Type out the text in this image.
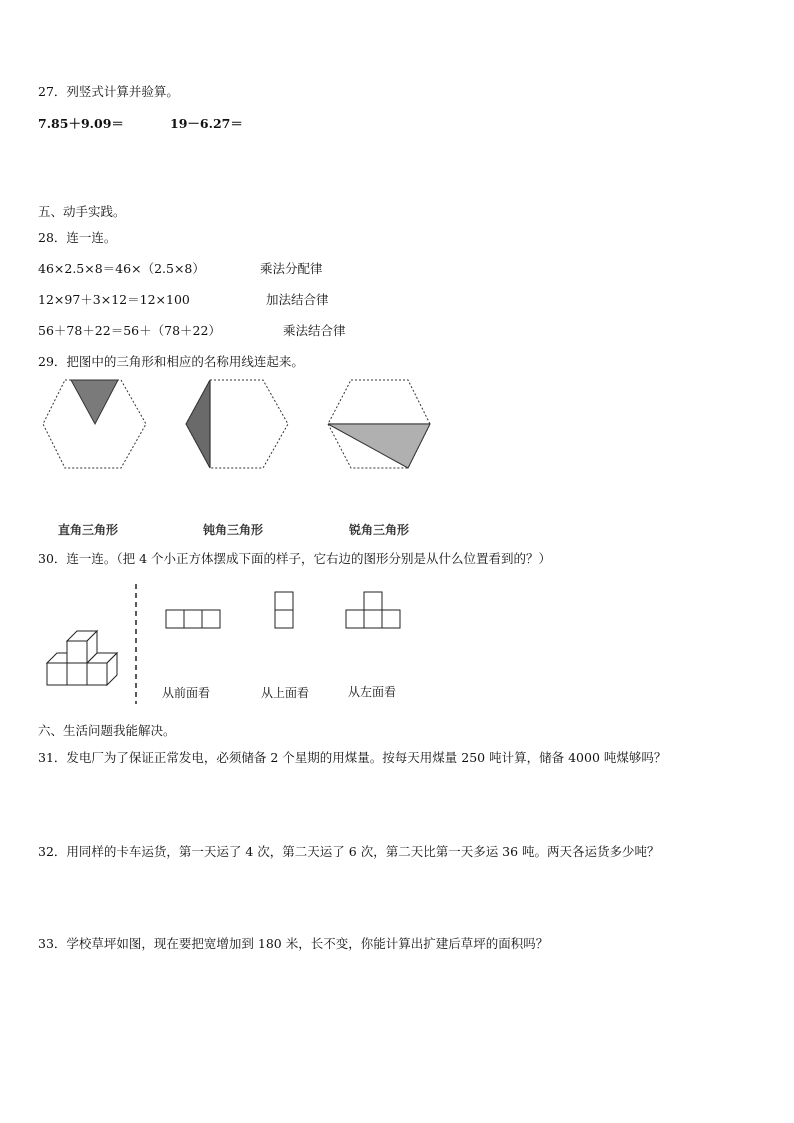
27．列竖式计算并验算。
7.85＋9.09＝	19－6.27＝
五、动手实践。
28．连一连。
46×2.5×8＝46×（2.5×8）	乘法分配律
12×97＋3×12＝12×100	加法结合律
56＋78＋22＝56＋（78＋22）	乘法结合律
29．把图中的三角形和相应的名称用线连起来。
直角三角形	钝角三角形	锐角三角形
30．连一连。（把 4 个小正方体摆成下面的样子，它右边的图形分别是从什么位置看到的？）
从前面看	从上面看	从左面看
六、生活问题我能解决。
31．发电厂为了保证正常发电，必须储备 2 个星期的用煤量。按每天用煤量 250 吨计算，储备 4000 吨煤够吗？
32．用同样的卡车运货，第一天运了 4 次，第二天运了 6 次，第二天比第一天多运 36 吨。两天各运货多少吨？
33．学校草坪如图，现在要把宽增加到 180 米，长不变，你能计算出扩建后草坪的面积吗？
